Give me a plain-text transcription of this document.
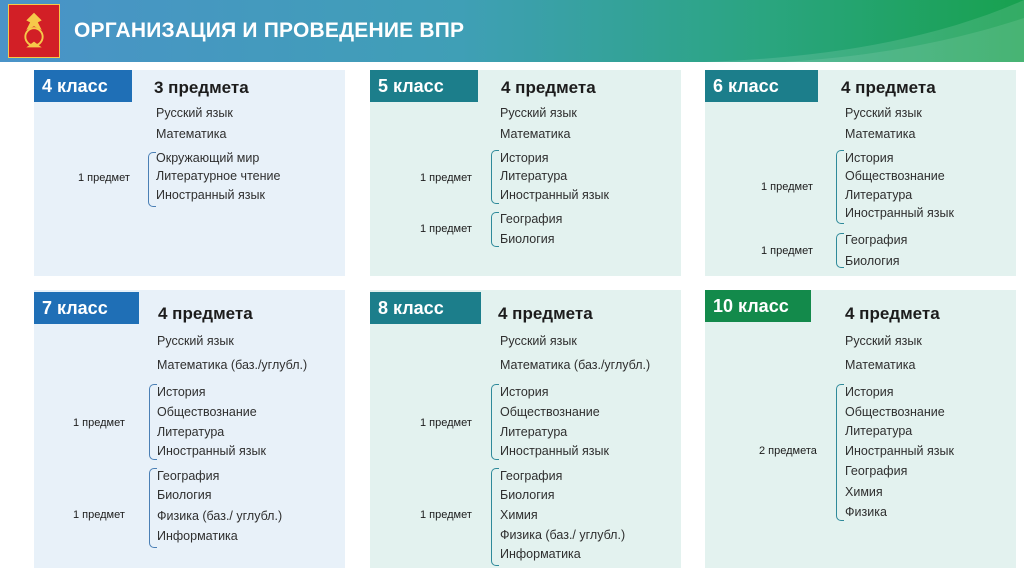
ОРГАНИЗАЦИЯ И ПРОВЕДЕНИЕ ВПР
4 класс	3 предмета
Русский язык
Математика
1 предмет
Окружающий мир
Литературное чтение
Иностранный язык
5 класс	4 предмета
Русский язык
Математика
1 предмет
История
Литература
Иностранный язык
1 предмет
География
Биология
6 класс	4 предмета
Русский язык
Математика
1 предмет
История
Обществознание
Литература
Иностранный язык
1 предмет
География
Биология
7 класс	4 предмета
Русский язык
Математика (баз./углубл.)
1 предмет
История
Обществознание
Литература
Иностранный язык
1 предмет
География
Биология
Физика (баз./ углубл.)
Информатика
8 класс	4 предмета
Русский язык
Математика (баз./углубл.)
1 предмет
История
Обществознание
Литература
Иностранный язык
1 предмет
География
Биология
Химия
Физика (баз./ углубл.)
Информатика
10 класс	4 предмета
Русский язык
Математика
2 предмета
История
Обществознание
Литература
Иностранный язык
География
Химия
Физика
